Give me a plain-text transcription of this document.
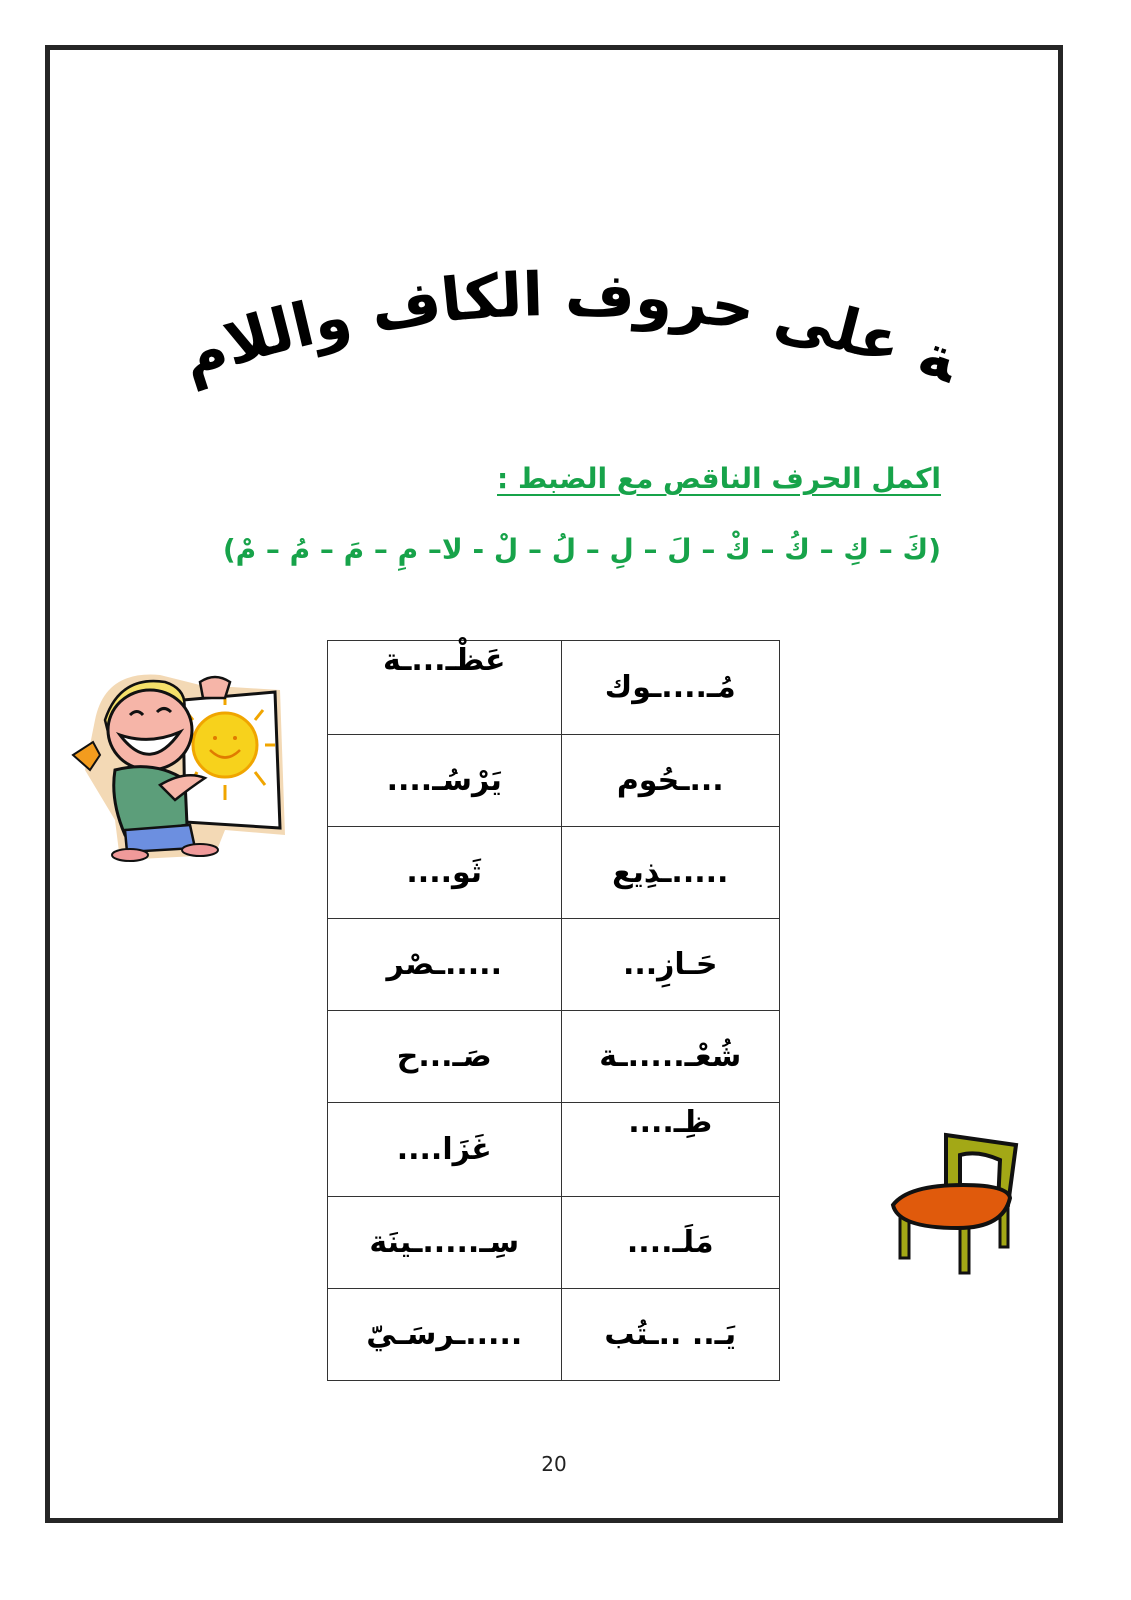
مراجعة على حروف الكاف واللام والميم
اكمل الحرف الناقص مع الضبط :
(كَ – كِ – كُ – كْ – لَ – لِ – لُ – لْ - لا– مِ – مَ – مُ – مْ)
مُـ....ـوك	عَظْـ...ـة
...ـحُوم	يَرْسُـ....
.....ـذِيع	ثَو....
حَـازِ...	.....ـصْر
شُعْـ.....ـة	صَـ...ح
ظِـ....	غَزَا....
مَلَـ....	سِـ.....ـينَة
يَـ.. ..ـتُب	.....ـرسَـيّ
20
